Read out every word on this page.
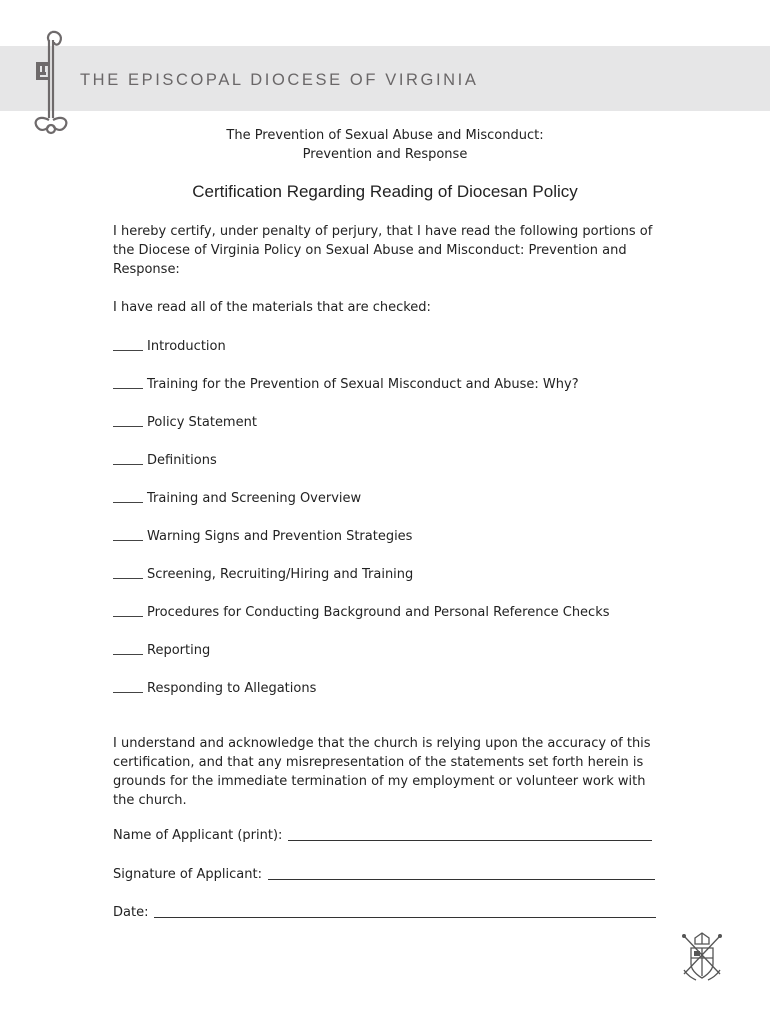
THE EPISCOPAL DIOCESE OF VIRGINIA
The Prevention of Sexual Abuse and Misconduct:
Prevention and Response
Certification Regarding Reading of Diocesan Policy
I hereby certify, under penalty of perjury, that I have read the following portions of the Diocese of Virginia Policy on Sexual Abuse and Misconduct: Prevention and Response:
I have read all of the materials that are checked:
Introduction
Training for the Prevention of Sexual Misconduct and Abuse: Why?
Policy Statement
Definitions
Training and Screening Overview
Warning Signs and Prevention Strategies
Screening, Recruiting/Hiring and Training
Procedures for Conducting Background and Personal Reference Checks
Reporting
Responding to Allegations
I understand and acknowledge that the church is relying upon the accuracy of this certification, and that any misrepresentation of the statements set forth herein is grounds for the immediate termination of my employment or volunteer work with the church.
Name of Applicant (print):
Signature of Applicant:
Date:
